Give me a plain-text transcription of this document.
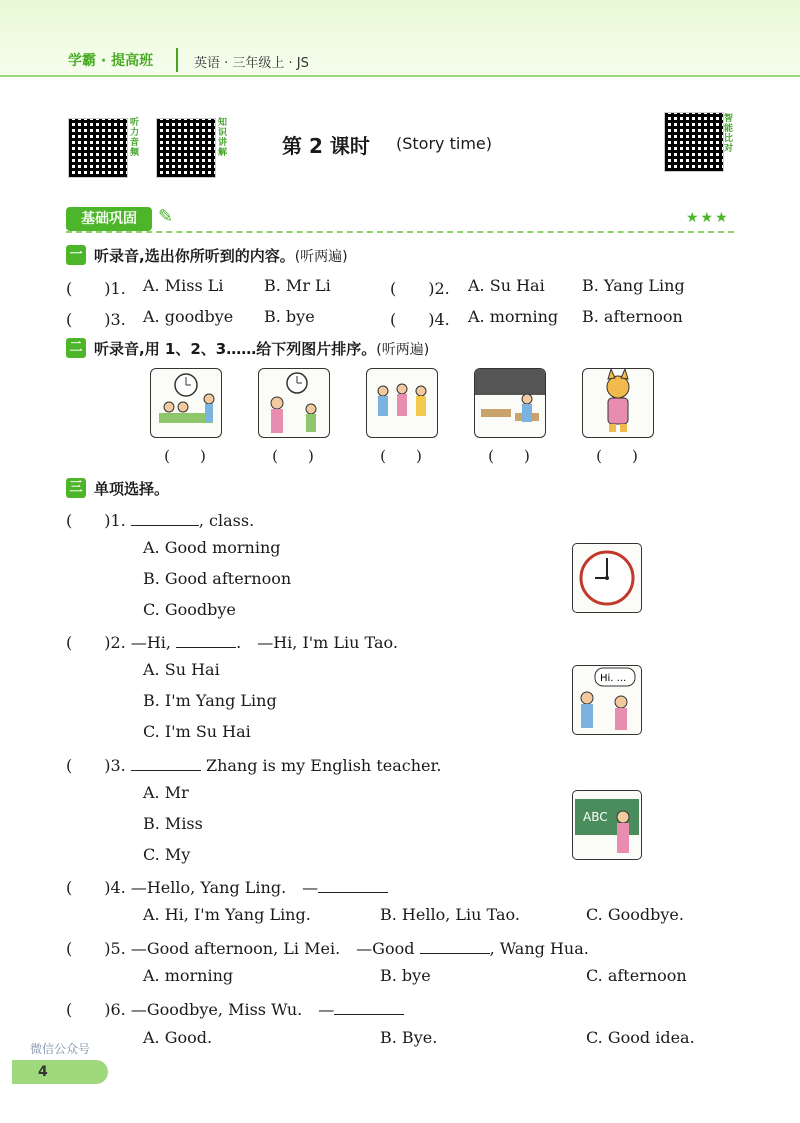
学霸 · 提高班	英语 · 三年级上 · JS
听力音频
知识讲解
智能比对
第 2 课时 (Story time)
基础巩固	✎	★★★
一 听录音,选出你所听到的内容。(听两遍)
(　　)1. A. Miss Li	B. Mr Li	(　　)2. A. Su Hai B. Yang Ling
(　　)3. A. goodbye B. bye	(　　)4. A. morning B. afternoon
二 听录音,用 1、2、3……给下列图片排序。(听两遍)
(　　)	(　　)	(　　)	(　　)	(　　)
三 单项选择。
(　　)1.	, class.
A. Good morning
B. Good afternoon
C. Goodbye
(　　)2. —Hi,	.　—Hi, I'm Liu Tao.
A. Su Hai
B. I'm Yang Ling
C. I'm Su Hai
Hi. ...
(　　)3.	Zhang is my English teacher.
A. Mr
B. Miss
C. My
ABC
(　　)4. —Hello, Yang Ling.　—
A. Hi, I'm Yang Ling.	B. Hello, Liu Tao.	C. Goodbye.
(　　)5. —Good afternoon, Li Mei.　—Good	, Wang Hua.
A. morning	B. bye	C. afternoon
(　　)6. —Goodbye, Miss Wu.　—
A. Good.	B. Bye.	C. Good idea.
微信公众号
4
